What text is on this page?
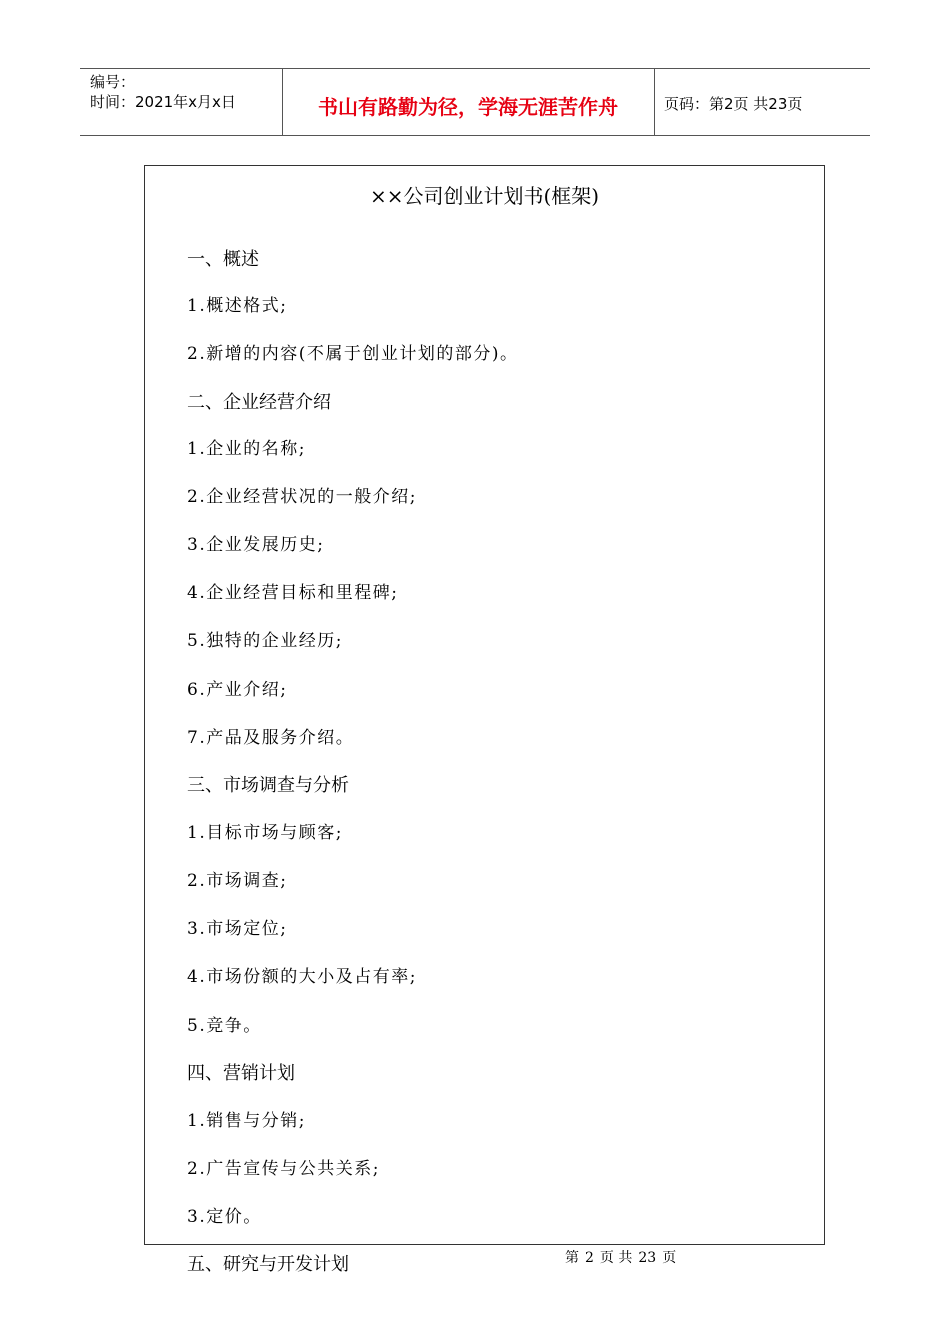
编号：
时间：2021年x月x日	书山有路勤为径，学海无涯苦作舟	页码：第2页 共23页
××公司创业计划书(框架)
一、概述
1.概述格式;
2.新增的内容(不属于创业计划的部分)。
二、企业经营介绍
1.企业的名称;
2.企业经营状况的一般介绍;
3.企业发展历史;
4.企业经营目标和里程碑;
5.独特的企业经历;
6.产业介绍;
7.产品及服务介绍。
三、市场调查与分析
1.目标市场与顾客;
2.市场调查;
3.市场定位;
4.市场份额的大小及占有率;
5.竞争。
四、营销计划
1.销售与分销;
2.广告宣传与公共关系;
3.定价。
五、研究与开发计划	第 2 页 共 23 页
